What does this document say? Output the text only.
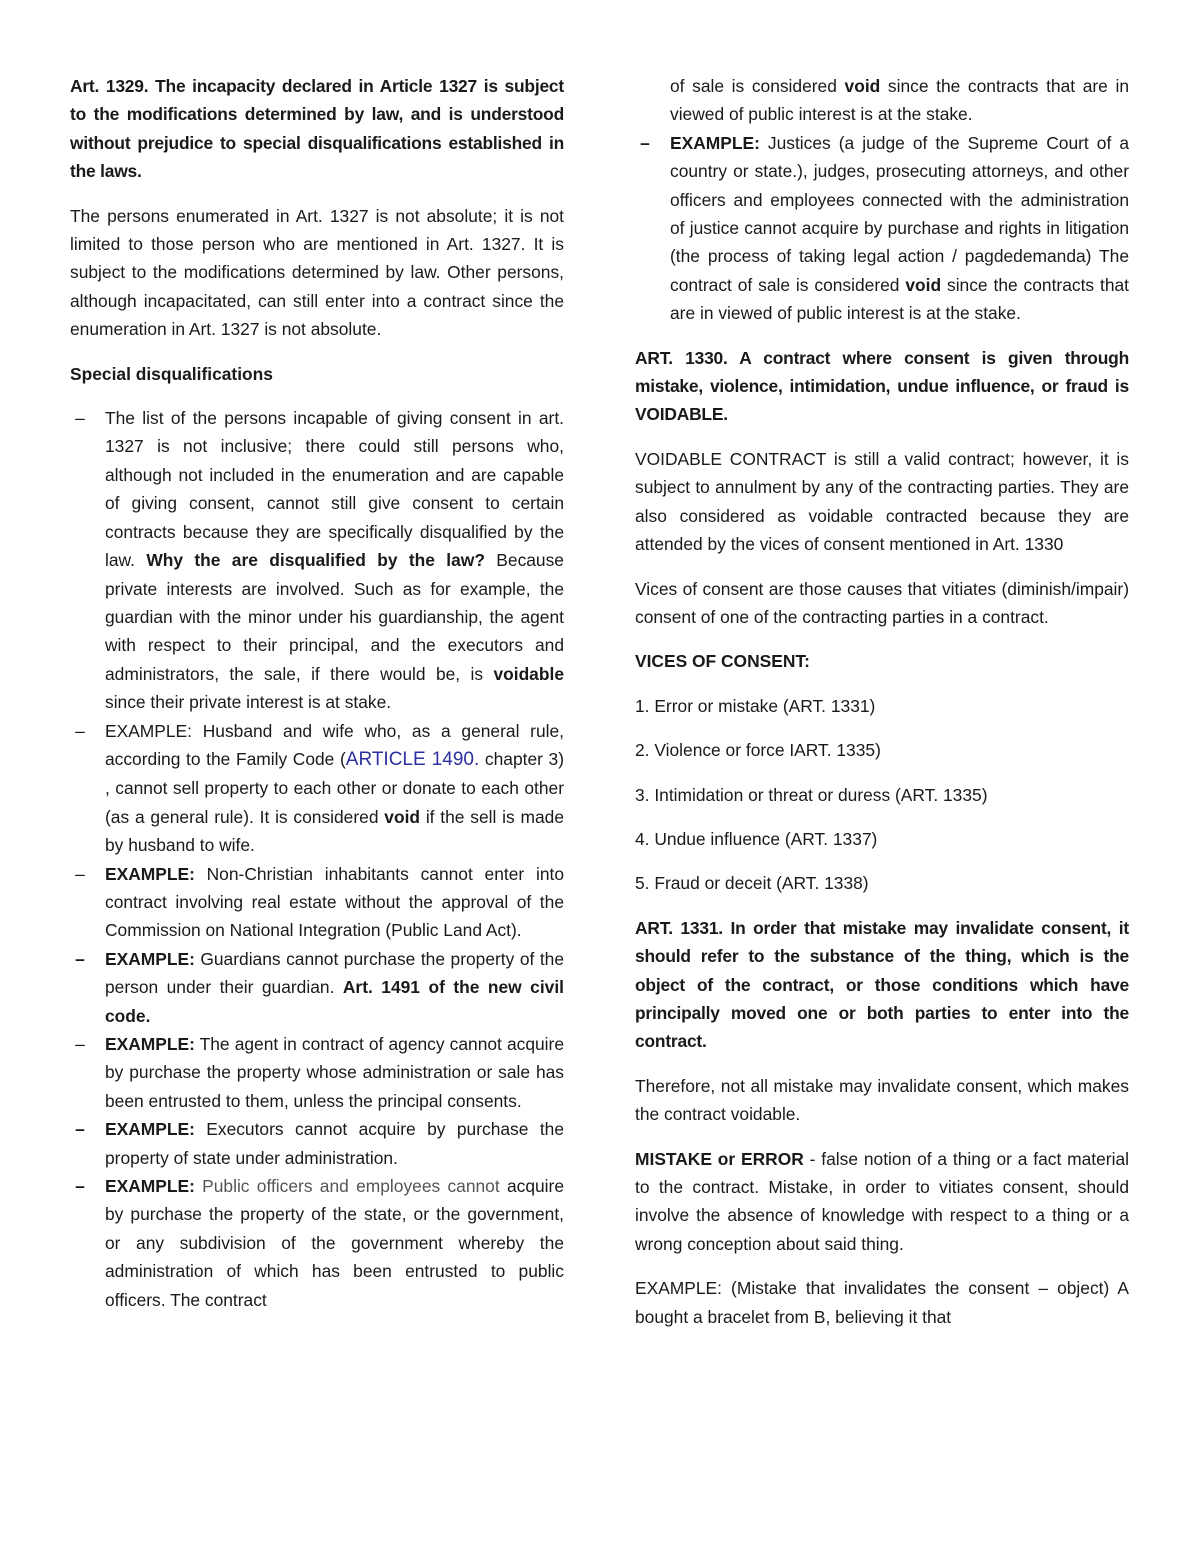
Art. 1329. The incapacity declared in Article 1327 is subject to the modifications determined by law, and is understood without prejudice to special disqualifications established in the laws.

The persons enumerated in Art. 1327 is not absolute; it is not limited to those person who are mentioned in Art. 1327. It is subject to the modifications determined by law. Other persons, although incapacitated, can still enter into a contract since the enumeration in Art. 1327 is not absolute.

Special disqualifications

– The list of the persons incapable of giving consent in art. 1327 is not inclusive; there could still persons who, although not included in the enumeration and are capable of giving consent, cannot still give consent to certain contracts because they are specifically disqualified by the law. Why the are disqualified by the law? Because private interests are involved. Such as for example, the guardian with the minor under his guardianship, the agent with respect to their principal, and the executors and administrators, the sale, if there would be, is voidable since their private interest is at stake.
– EXAMPLE: Husband and wife who, as a general rule, according to the Family Code (ARTICLE 1490. chapter 3) , cannot sell property to each other or donate to each other (as a general rule). It is considered void if the sell is made by husband to wife.
– EXAMPLE: Non-Christian inhabitants cannot enter into contract involving real estate without the approval of the Commission on National Integration (Public Land Act).
– EXAMPLE: Guardians cannot purchase the property of the person under their guardian. Art. 1491 of the new civil code.
– EXAMPLE: The agent in contract of agency cannot acquire by purchase the property whose administration or sale has been entrusted to them, unless the principal consents.
– EXAMPLE: Executors cannot acquire by purchase the property of state under administration.
– EXAMPLE: Public officers and employees cannot acquire by purchase the property of the state, or the government, or any subdivision of the government whereby the administration of which has been entrusted to public officers. The contract

of sale is considered void since the contracts that are in viewed of public interest is at the stake.

– EXAMPLE: Justices (a judge of the Supreme Court of a country or state.), judges, prosecuting attorneys, and other officers and employees connected with the administration of justice cannot acquire by purchase and rights in litigation (the process of taking legal action / pagdedemanda) The contract of sale is considered void since the contracts that are in viewed of public interest is at the stake.

ART. 1330. A contract where consent is given through mistake, violence, intimidation, undue influence, or fraud is VOIDABLE.

VOIDABLE CONTRACT is still a valid contract; however, it is subject to annulment by any of the contracting parties. They are also considered as voidable contracted because they are attended by the vices of consent mentioned in Art. 1330

Vices of consent are those causes that vitiates (diminish/impair) consent of one of the contracting parties in a contract.

VICES OF CONSENT:

1. Error or mistake (ART. 1331)

2. Violence or force IART. 1335)

3. Intimidation or threat or duress (ART. 1335)

4. Undue influence (ART. 1337)

5. Fraud or deceit (ART. 1338)

ART. 1331. In order that mistake may invalidate consent, it should refer to the substance of the thing, which is the object of the contract, or those conditions which have principally moved one or both parties to enter into the contract.

Therefore, not all mistake may invalidate consent, which makes the contract voidable.

MISTAKE or ERROR - false notion of a thing or a fact material to the contract. Mistake, in order to vitiates consent, should involve the absence of knowledge with respect to a thing or a wrong conception about said thing.

EXAMPLE: (Mistake that invalidates the consent – object) A bought a bracelet from B, believing it that
